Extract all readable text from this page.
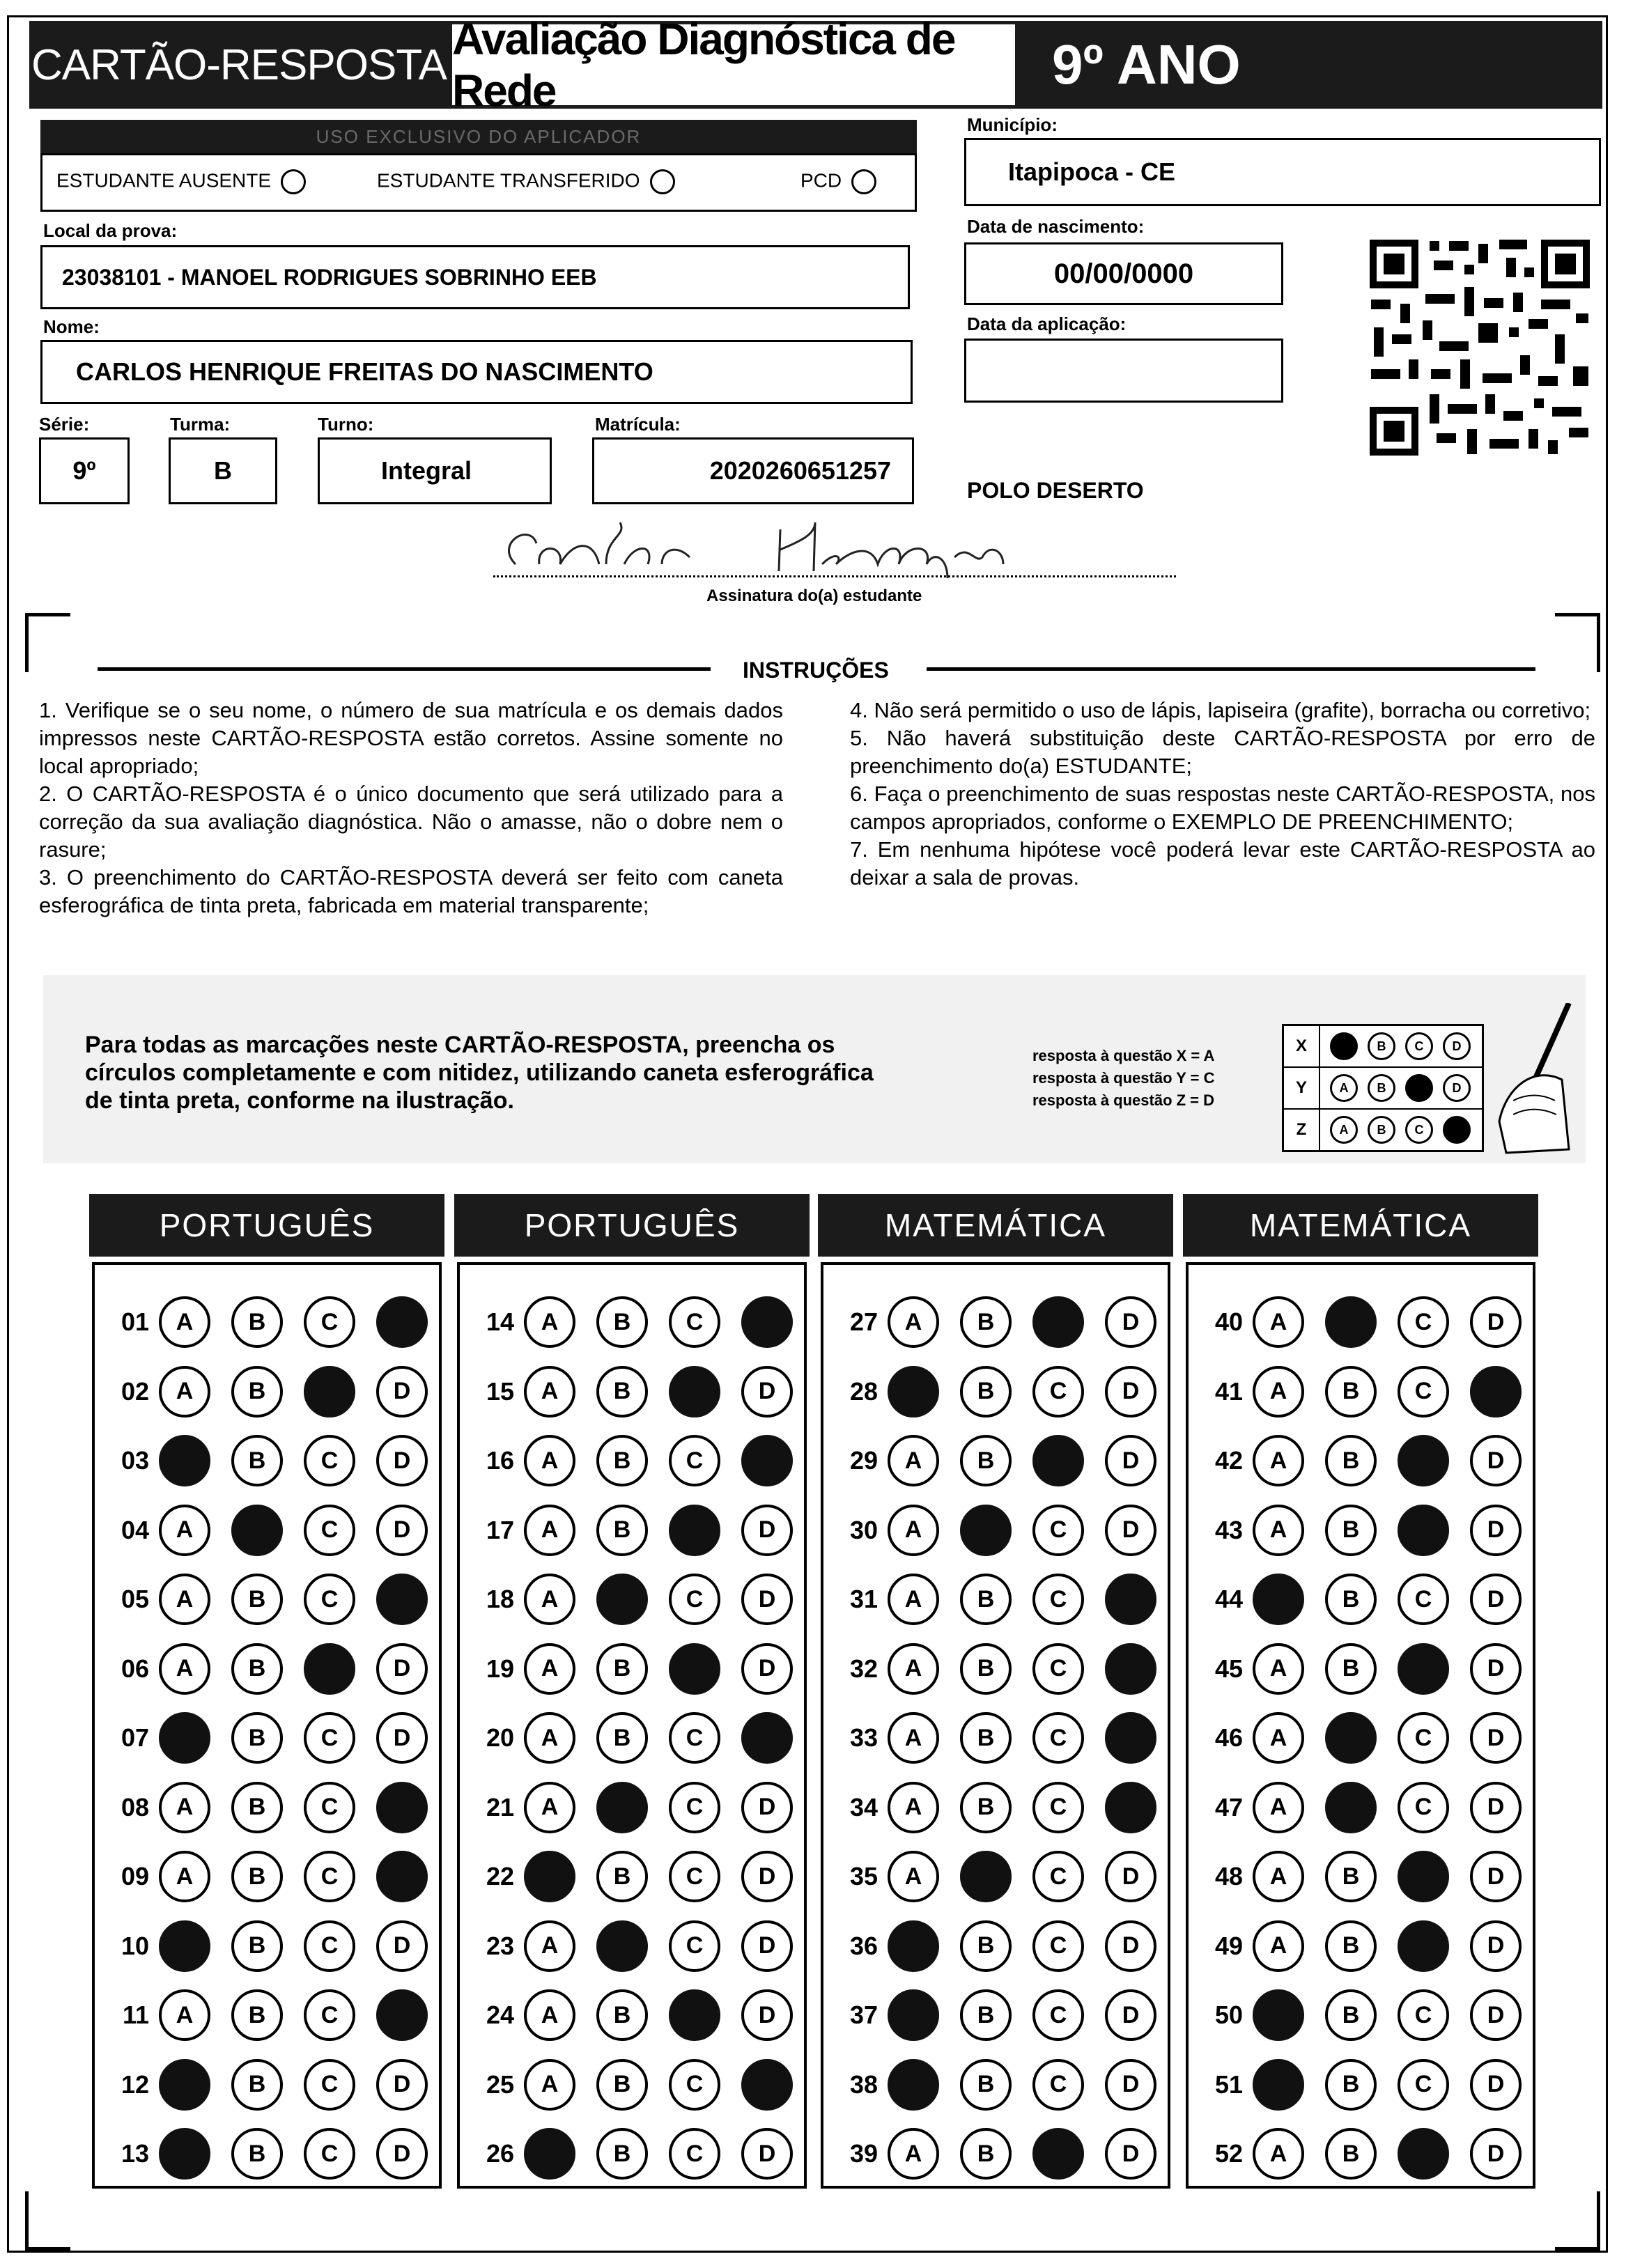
CARTÃO-RESPOSTA
Avaliação Diagnóstica de Rede	9º ANO
USO EXCLUSIVO DO APLICADOR
ESTUDANTE AUSENTE	ESTUDANTE TRANSFERIDO	PCD
Município:
Itapipoca - CE
Local da prova:
23038101 - MANOEL RODRIGUES SOBRINHO EEB
Data de nascimento:
00/00/0000
Nome:
CARLOS HENRIQUE FREITAS DO NASCIMENTO
Data da aplicação:
Série:
9º
Turma:
B
Turno:
Integral
Matrícula:
2020260651257
POLO DESERTO
Assinatura do(a) estudante
INSTRUÇÕES

1. Verifique se o seu nome, o número de sua matrícula e os demais dados impressos neste CARTÃO-RESPOSTA estão corretos. Assine somente no local apropriado;

2. O CARTÃO-RESPOSTA é o único documento que será utilizado para a correção da sua avaliação diagnóstica. Não o amasse, não o dobre nem o rasure;

3. O preenchimento do CARTÃO-RESPOSTA deverá ser feito com caneta esferográfica de tinta preta, fabricada em material transparente;

4. Não será permitido o uso de lápis, lapiseira (grafite), borracha ou corretivo;

5. Não haverá substituição deste CARTÃO-RESPOSTA por erro de preenchimento do(a) ESTUDANTE;

6. Faça o preenchimento de suas respostas neste CARTÃO-RESPOSTA, nos campos apropriados, conforme o EXEMPLO DE PREENCHIMENTO;

7. Em nenhuma hipótese você poderá levar este CARTÃO-RESPOSTA ao deixar a sala de provas.

Para todas as marcações neste CARTÃO-RESPOSTA, preencha os círculos completamente e com nitidez, utilizando caneta esferográfica de tinta preta, conforme na ilustração.
resposta à questão X = A
resposta à questão Y = C
resposta à questão Z = D
X	A	B	C	D
Y	A	B	C	D
Z	A	B	C	D
PORTUGUÊS
01	A	B	C	D
02	A	B	C	D
03	A	B	C	D
04	A	B	C	D
05	A	B	C	D
06	A	B	C	D
07	A	B	C	D
08	A	B	C	D
09	A	B	C	D
10	A	B	C	D
11	A	B	C	D
12	A	B	C	D
13	A	B	C	D
PORTUGUÊS
14	A	B	C	D
15	A	B	C	D
16	A	B	C	D
17	A	B	C	D
18	A	B	C	D
19	A	B	C	D
20	A	B	C	D
21	A	B	C	D
22	A	B	C	D
23	A	B	C	D
24	A	B	C	D
25	A	B	C	D
26	A	B	C	D
MATEMÁTICA
27	A	B	C	D
28	A	B	C	D
29	A	B	C	D
30	A	B	C	D
31	A	B	C	D
32	A	B	C	D
33	A	B	C	D
34	A	B	C	D
35	A	B	C	D
36	A	B	C	D
37	A	B	C	D
38	A	B	C	D
39	A	B	C	D
MATEMÁTICA
40	A	B	C	D
41	A	B	C	D
42	A	B	C	D
43	A	B	C	D
44	A	B	C	D
45	A	B	C	D
46	A	B	C	D
47	A	B	C	D
48	A	B	C	D
49	A	B	C	D
50	A	B	C	D
51	A	B	C	D
52	A	B	C	D
